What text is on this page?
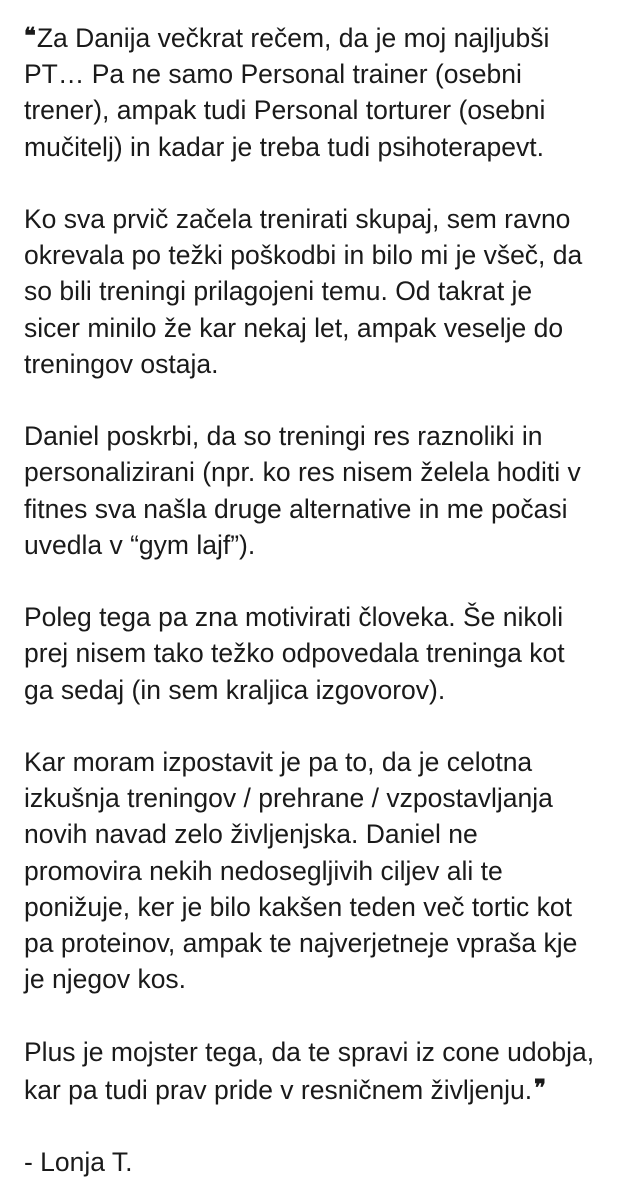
❝Za Danija večkrat rečem, da je moj najljubši
PT… Pa ne samo Personal trainer (osebni
trener), ampak tudi Personal torturer (osebni
mučitelj) in kadar je treba tudi psihoterapevt.

Ko sva prvič začela trenirati skupaj, sem ravno
okrevala po težki poškodbi in bilo mi je všeč, da
so bili treningi prilagojeni temu. Od takrat je
sicer minilo že kar nekaj let, ampak veselje do
treningov ostaja.

Daniel poskrbi, da so treningi res raznoliki in
personalizirani (npr. ko res nisem želela hoditi v
fitnes sva našla druge alternative in me počasi
uvedla v “gym lajf”).

Poleg tega pa zna motivirati človeka. Še nikoli
prej nisem tako težko odpovedala treninga kot
ga sedaj (in sem kraljica izgovorov).

Kar moram izpostavit je pa to, da je celotna
izkušnja treningov / prehrane / vzpostavljanja
novih navad zelo življenjska. Daniel ne
promovira nekih nedosegljivih ciljev ali te
ponižuje, ker je bilo kakšen teden več tortic kot
pa proteinov, ampak te najverjetneje vpraša kje
je njegov kos.

Plus je mojster tega, da te spravi iz cone udobja,
kar pa tudi prav pride v resničnem življenju.❞

- Lonja T.
